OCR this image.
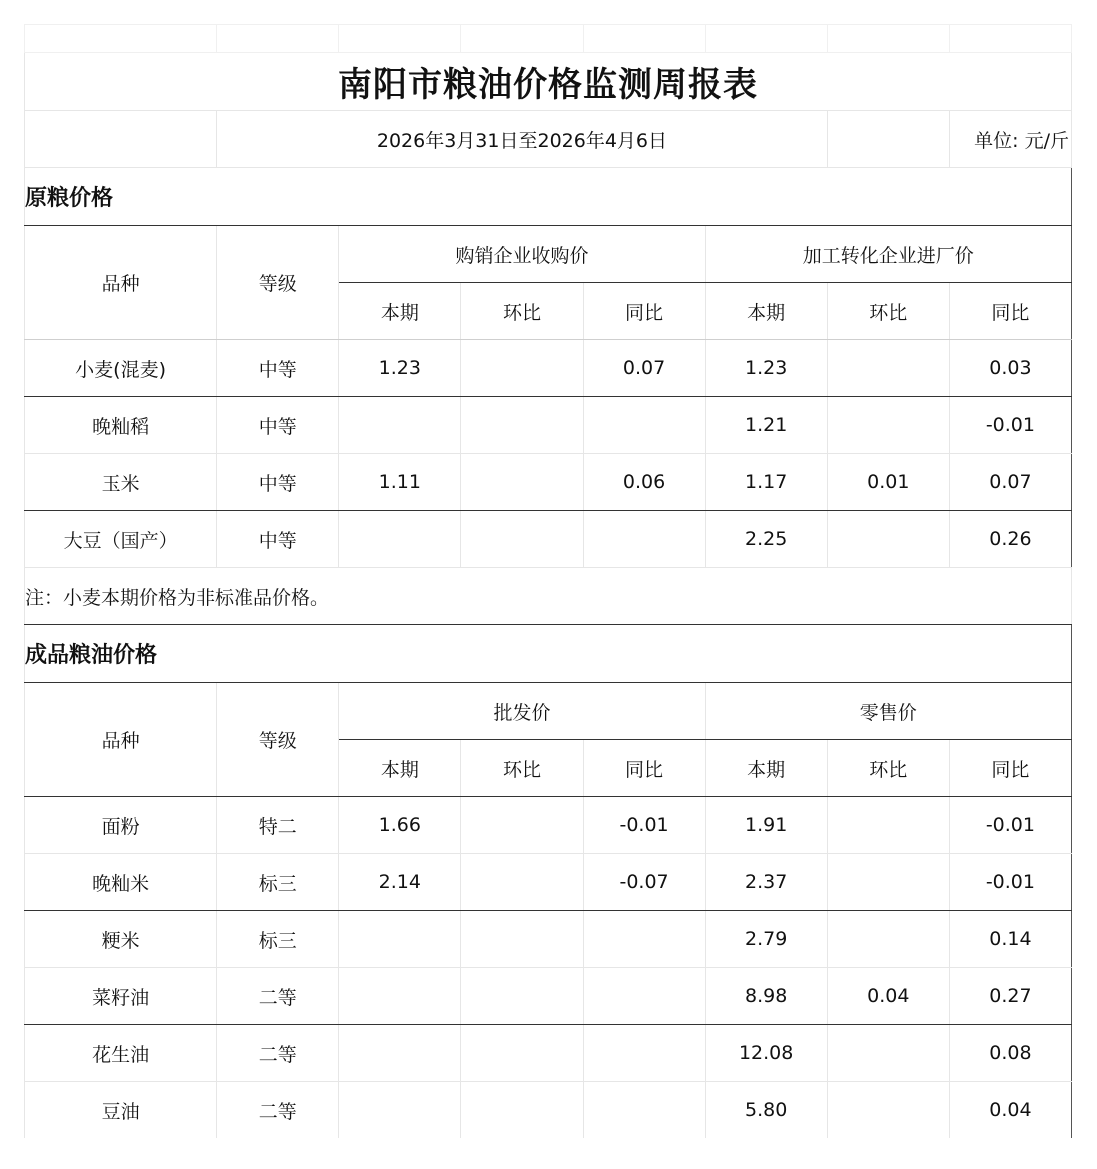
南阳市粮油价格监测周报表							
	2026年3月31日至2026年4月6日						单位: 元/斤
原粮价格							
品种	等级	购销企业收购价			加工转化企业进厂价		
		本期	环比	同比	本期	环比	同比
小麦(混麦)	中等	1.23		0.07	1.23		0.03
晚籼稻	中等				1.21		-0.01
玉米	中等	1.11		0.06	1.17	0.01	0.07
大豆（国产）	中等				2.25		0.26
注：小麦本期价格为非标准品价格。							
成品粮油价格							
品种	等级	批发价			零售价		
		本期	环比	同比	本期	环比	同比
面粉	特二	1.66		-0.01	1.91		-0.01
晚籼米	标三	2.14		-0.07	2.37		-0.01
粳米	标三				2.79		0.14
菜籽油	二等				8.98	0.04	0.27
花生油	二等				12.08		0.08
豆油	二等				5.80		0.04
